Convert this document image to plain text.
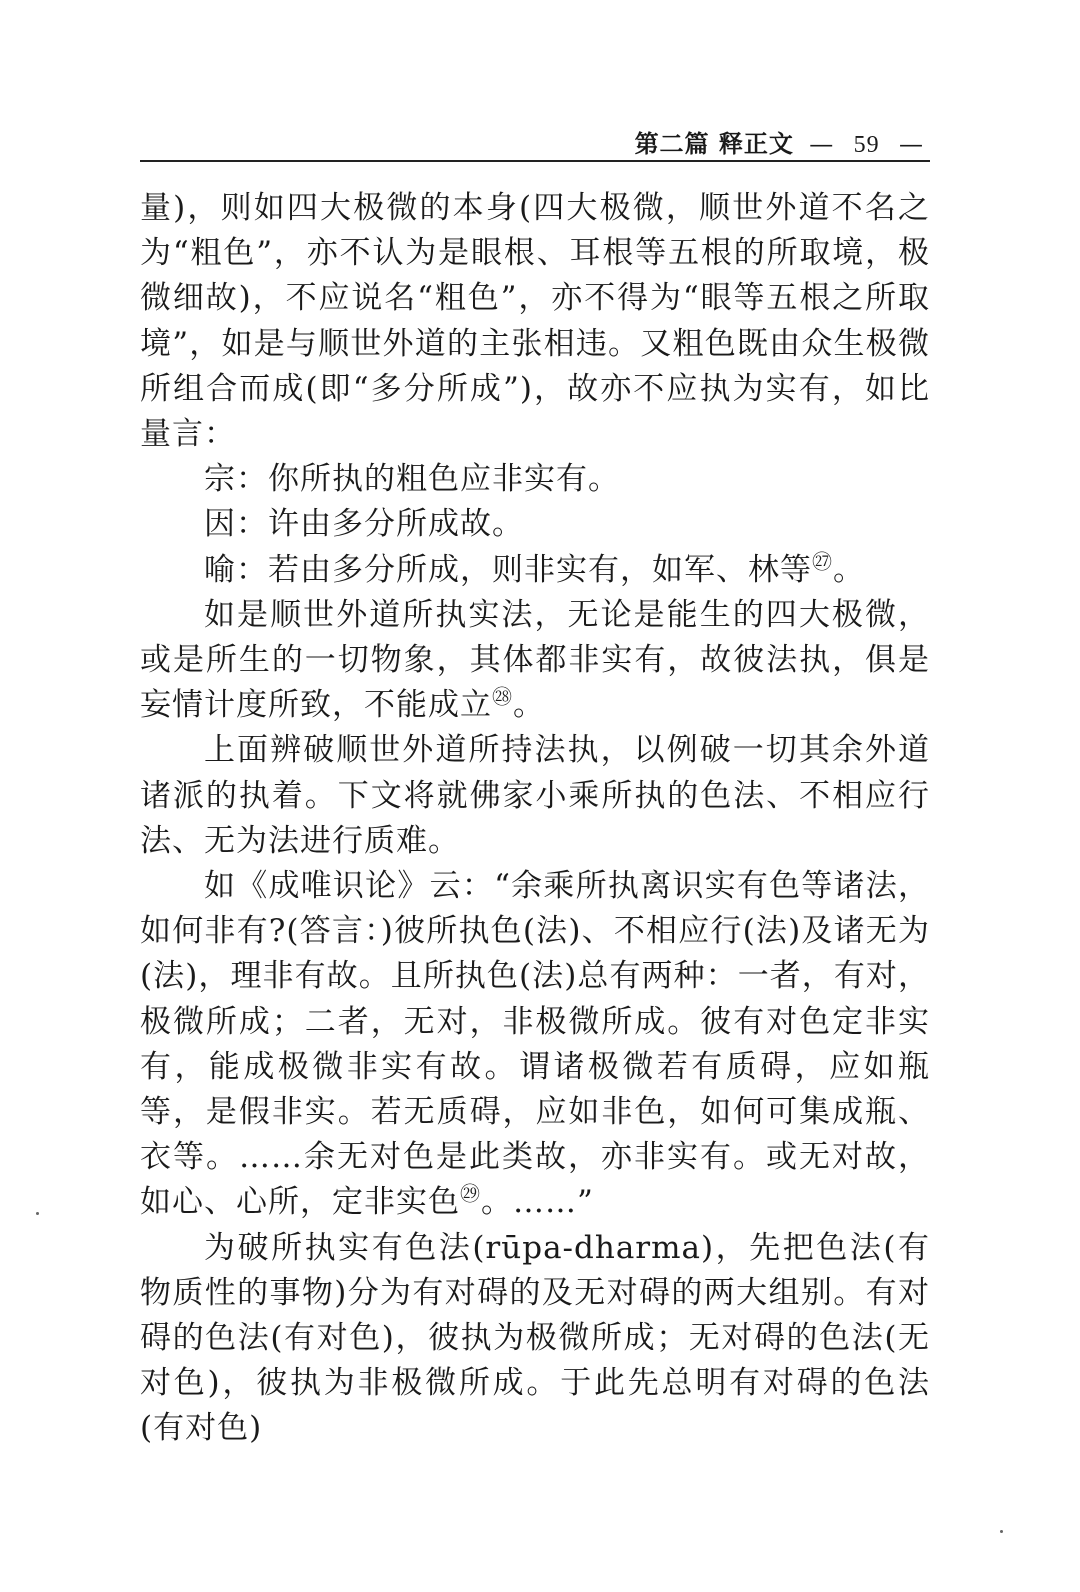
第二篇 释正文 — 59 —

量)，则如四大极微的本身(四大极微，顺世外道不名之为“粗色”，亦不认为是眼根、耳根等五根的所取境，极微细故)，不应说名“粗色”，亦不得为“眼等五根之所取境”，如是与顺世外道的主张相违。又粗色既由众生极微所组合而成(即“多分所成”)，故亦不应执为实有，如比量言：

宗：你所执的粗色应非实有。

因：许由多分所成故。

喻：若由多分所成，则非实有，如军、林等$^㉗$。

如是顺世外道所执实法，无论是能生的四大极微，或是所生的一切物象，其体都非实有，故彼法执，俱是妄情计度所致，不能成立$^㉘$。

上面辨破顺世外道所持法执，以例破一切其余外道诸派的执着。下文将就佛家小乘所执的色法、不相应行法、无为法进行质难。

如《成唯识论》云：“余乘所执离识实有色等诸法，如何非有?(答言：)彼所执色(法)、不相应行(法)及诸无为(法)，理非有故。且所执色(法)总有两种：一者，有对，极微所成；二者，无对，非极微所成。彼有对色定非实有，能成极微非实有故。谓诸极微若有质碍，应如瓶等，是假非实。若无质碍，应如非色，如何可集成瓶、衣等。……余无对色是此类故，亦非实有。或无对故，如心、心所，定非实色$^㉙$。……”

为破所执实有色法(rūpa-dharma)，先把色法(有物质性的事物)分为有对碍的及无对碍的两大组别。有对碍的色法(有对色)，彼执为极微所成；无对碍的色法(无对色)，彼执为非极微所成。于此先总明有对碍的色法(有对色)
